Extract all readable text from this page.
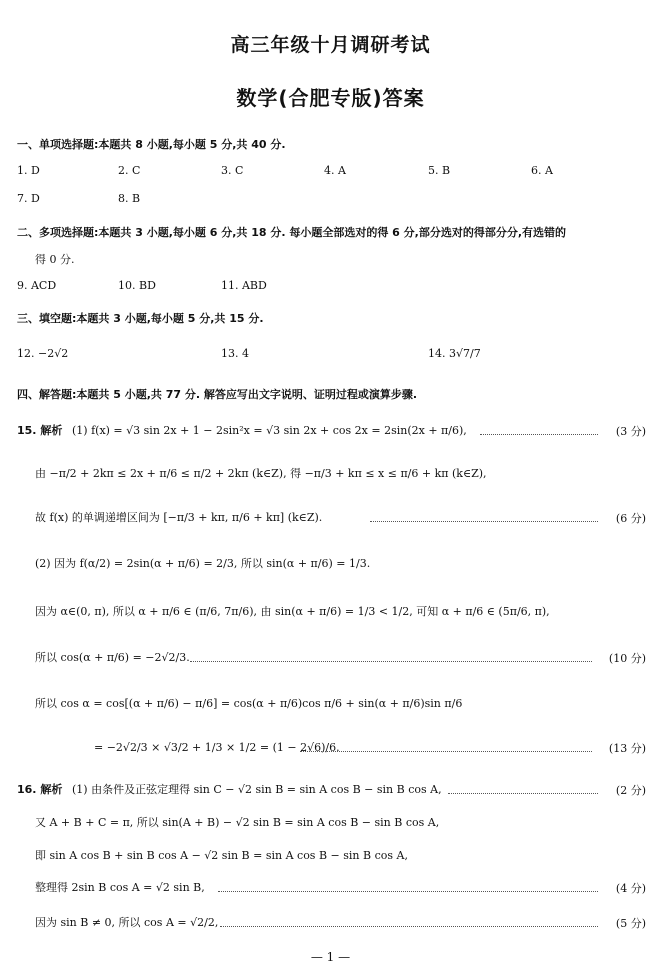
高三年级十月调研考试
数学(合肥专版)答案
一、单项选择题:本题共 8 小题,每小题 5 分,共 40 分.
1. D	2. C	3. C	4. A	5. B	6. A
7. D	8. B
二、多项选择题:本题共 3 小题,每小题 6 分,共 18 分. 每小题全部选对的得 6 分,部分选对的得部分分,有选错的
得 0 分.
9. ACD	10. BD	11. ABD
三、填空题:本题共 3 小题,每小题 5 分,共 15 分.
12. −2√2	13. 4	14. 3√7/7
四、解答题:本题共 5 小题,共 77 分. 解答应写出文字说明、证明过程或演算步骤.
15. 解析 (1) f(x) = √3 sin 2x + 1 − 2sin²x = √3 sin 2x + cos 2x = 2sin(2x + π/6),	(3 分)
由 −π/2 + 2kπ ≤ 2x + π/6 ≤ π/2 + 2kπ (k∈Z), 得 −π/3 + kπ ≤ x ≤ π/6 + kπ (k∈Z),
故 f(x) 的单调递增区间为 [−π/3 + kπ, π/6 + kπ] (k∈Z).	(6 分)
(2) 因为 f(α/2) = 2sin(α + π/6) = 2/3, 所以 sin(α + π/6) = 1/3.
因为 α∈(0, π), 所以 α + π/6 ∈ (π/6, 7π/6), 由 sin(α + π/6) = 1/3 < 1/2, 可知 α + π/6 ∈ (5π/6, π),
所以 cos(α + π/6) = −2√2/3.	(10 分)
所以 cos α = cos[(α + π/6) − π/6] = cos(α + π/6)cos π/6 + sin(α + π/6)sin π/6
= −2√2/3 × √3/2 + 1/3 × 1/2 = (1 − 2√6)/6.	(13 分)
16. 解析 (1) 由条件及正弦定理得 sin C − √2 sin B = sin A cos B − sin B cos A,	(2 分)
又 A + B + C = π, 所以 sin(A + B) − √2 sin B = sin A cos B − sin B cos A,
即 sin A cos B + sin B cos A − √2 sin B = sin A cos B − sin B cos A,
整理得 2sin B cos A = √2 sin B,	(4 分)
因为 sin B ≠ 0, 所以 cos A = √2/2,	(5 分)
— 1 —
